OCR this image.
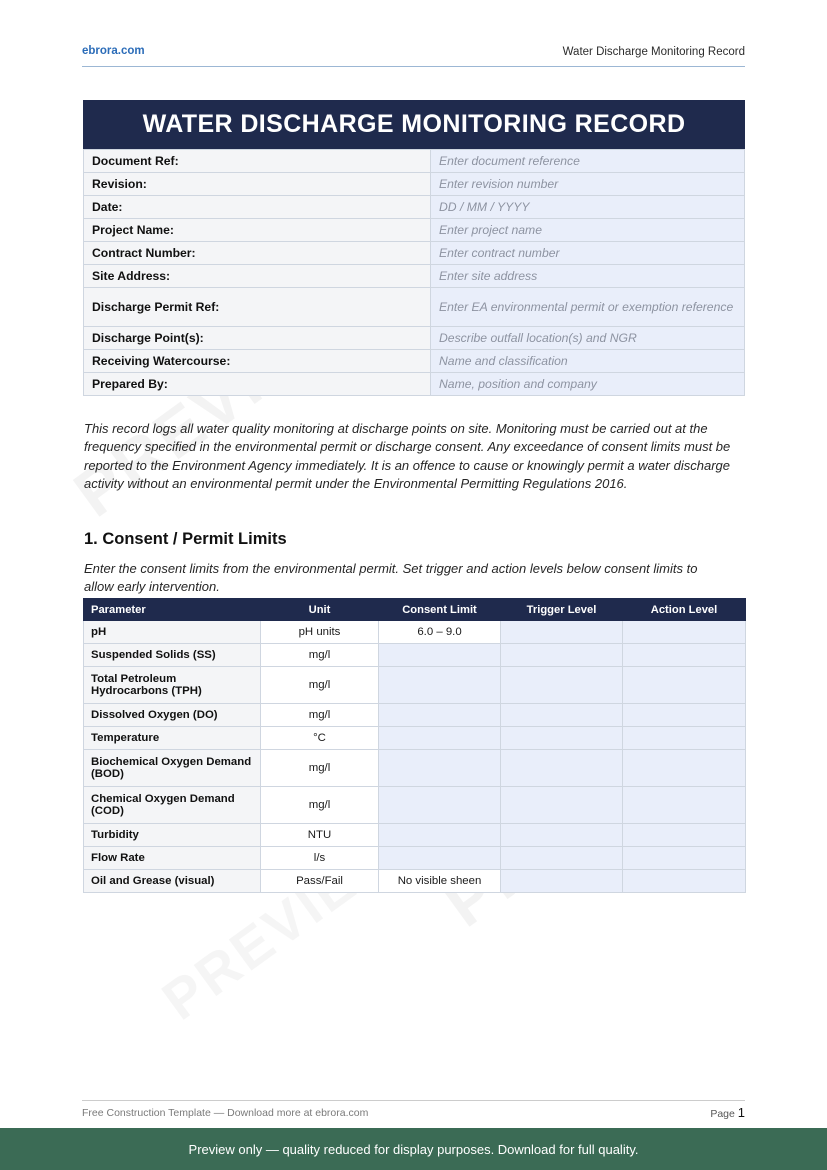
ebrora.com	Water Discharge Monitoring Record
WATER DISCHARGE MONITORING RECORD
Document Ref:	Enter document reference
Revision:	Enter revision number
Date:	DD / MM / YYYY
Project Name:	Enter project name
Contract Number:	Enter contract number
Site Address:	Enter site address
Discharge Permit Ref:	Enter EA environmental permit or exemption reference
Discharge Point(s):	Describe outfall location(s) and NGR
Receiving Watercourse:	Name and classification
Prepared By:	Name, position and company
This record logs all water quality monitoring at discharge points on site. Monitoring must be carried out at the frequency specified in the environmental permit or discharge consent. Any exceedance of consent limits must be reported to the Environment Agency immediately. It is an offence to cause or knowingly permit a water discharge activity without an environmental permit under the Environmental Permitting Regulations 2016.
1. Consent / Permit Limits
Enter the consent limits from the environmental permit. Set trigger and action levels below consent limits to allow early intervention.
Parameter	Unit	Consent Limit	Trigger Level	Action Level
pH	pH units	6.0 – 9.0		
Suspended Solids (SS)	mg/l			
Total Petroleum Hydrocarbons (TPH)	mg/l			
Dissolved Oxygen (DO)	mg/l			
Temperature	°C			
Biochemical Oxygen Demand (BOD)	mg/l			
Chemical Oxygen Demand (COD)	mg/l			
Turbidity	NTU			
Flow Rate	l/s			
Oil and Grease (visual)	Pass/Fail	No visible sheen		
Free Construction Template — Download more at ebrora.com	Page 1
Preview only — quality reduced for display purposes. Download for full quality.
